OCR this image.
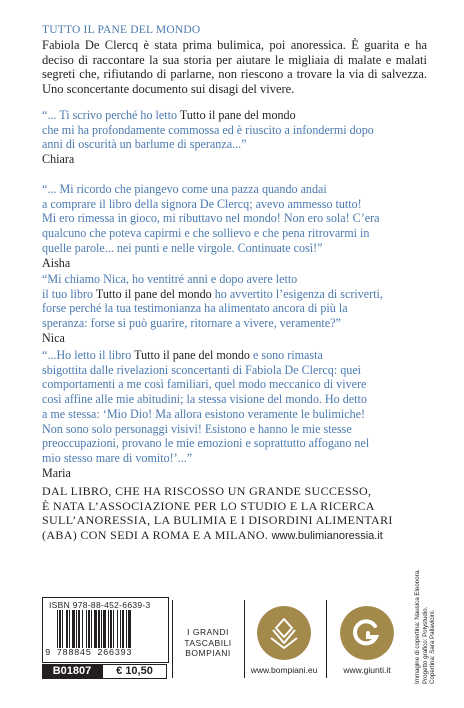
TUTTO IL PANE DEL MONDO

Fabiola De Clercq è stata prima bulimica, poi anoressica. È guarita e ha deciso di raccontare la sua storia per aiutare le migliaia di malate e malati segreti che, rifiutando di parlarne, non riescono a trovare la via di salvezza. Uno sconcertante documento sui disagi del vivere.

“... Ti scrivo perché ho letto Tutto il pane del mondo
che mi ha profondamente commossa ed è riuscito a infondermi dopo
anni di oscurità un barlume di speranza...”
Chiara

“... Mi ricordo che piangevo come una pazza quando andai
a comprare il libro della signora De Clercq; avevo ammesso tutto!
Mi ero rimessa in gioco, mi ributtavo nel mondo! Non ero sola! C’era
qualcuno che poteva capirmi e che sollievo e che pena ritrovarmi in
quelle parole... nei punti e nelle virgole. Continuate così!”
Aisha

“Mi chiamo Nica, ho ventitré anni e dopo avere letto
il tuo libro Tutto il pane del mondo ho avvertito l’esigenza di scriverti,
forse perché la tua testimonianza ha alimentato ancora di più la
speranza: forse si può guarire, ritornare a vivere, veramente?”
Nica

“...Ho letto il libro Tutto il pane del mondo e sono rimasta
sbigottita dalle rivelazioni sconcertanti di Fabiola De Clercq: quei
comportamenti a me così familiari, quel modo meccanico di vivere
così affine alle mie abitudini; la stessa visione del mondo. Ho detto
a me stessa: ‘Mio Dio! Ma allora esistono veramente le bulimiche!
Non sono solo personaggi visivi! Esistono e hanno le mie stesse
preoccupazioni, provano le mie emozioni e soprattutto affogano nel
mio stesso mare di vomito!’...”
Maria

DAL LIBRO, CHE HA RISCOSSO UN GRANDE SUCCESSO,
È NATA L’ASSOCIAZIONE PER LO STUDIO E LA RICERCA
SULL’ANORESSIA, LA BULIMIA E I DISORDINI ALIMENTARI
(ABA) CON SEDI A ROMA E A MILANO. www.bulimianoressia.it

ISBN 978-88-452-6639-3
9 788845 266393
B01807	€ 10,50
I GRANDI
TASCABILI
BOMPIANI
www.bompiani.eu	www.giunti.it	Immagine di copertina: Nausica Eleonora. Progetto grafico: Polystudio.
Copertina: Sara Pallavicini.
